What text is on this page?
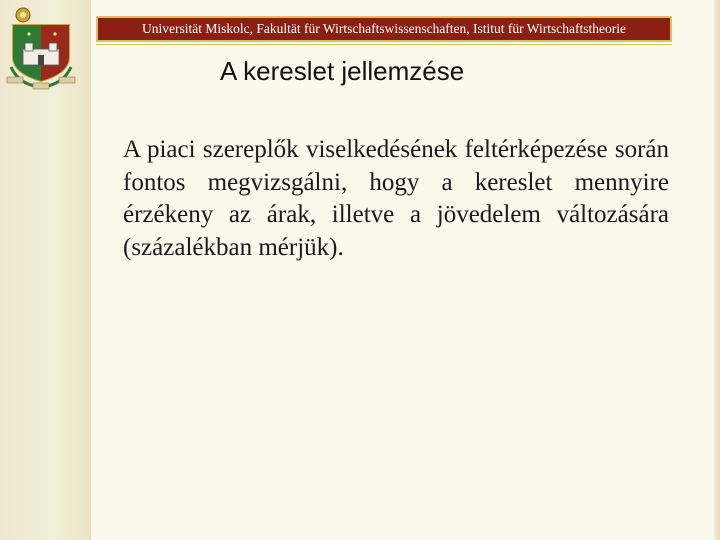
Universität Miskolc, Fakultät für Wirtschaftswissenschaften, Istitut für Wirtschaftstheorie
A kereslet jellemzése

A piaci szereplők viselkedésének feltérképezése során fontos megvizsgálni, hogy a kereslet mennyire érzékeny az árak, illetve a jövedelem változására (százalékban mérjük).
